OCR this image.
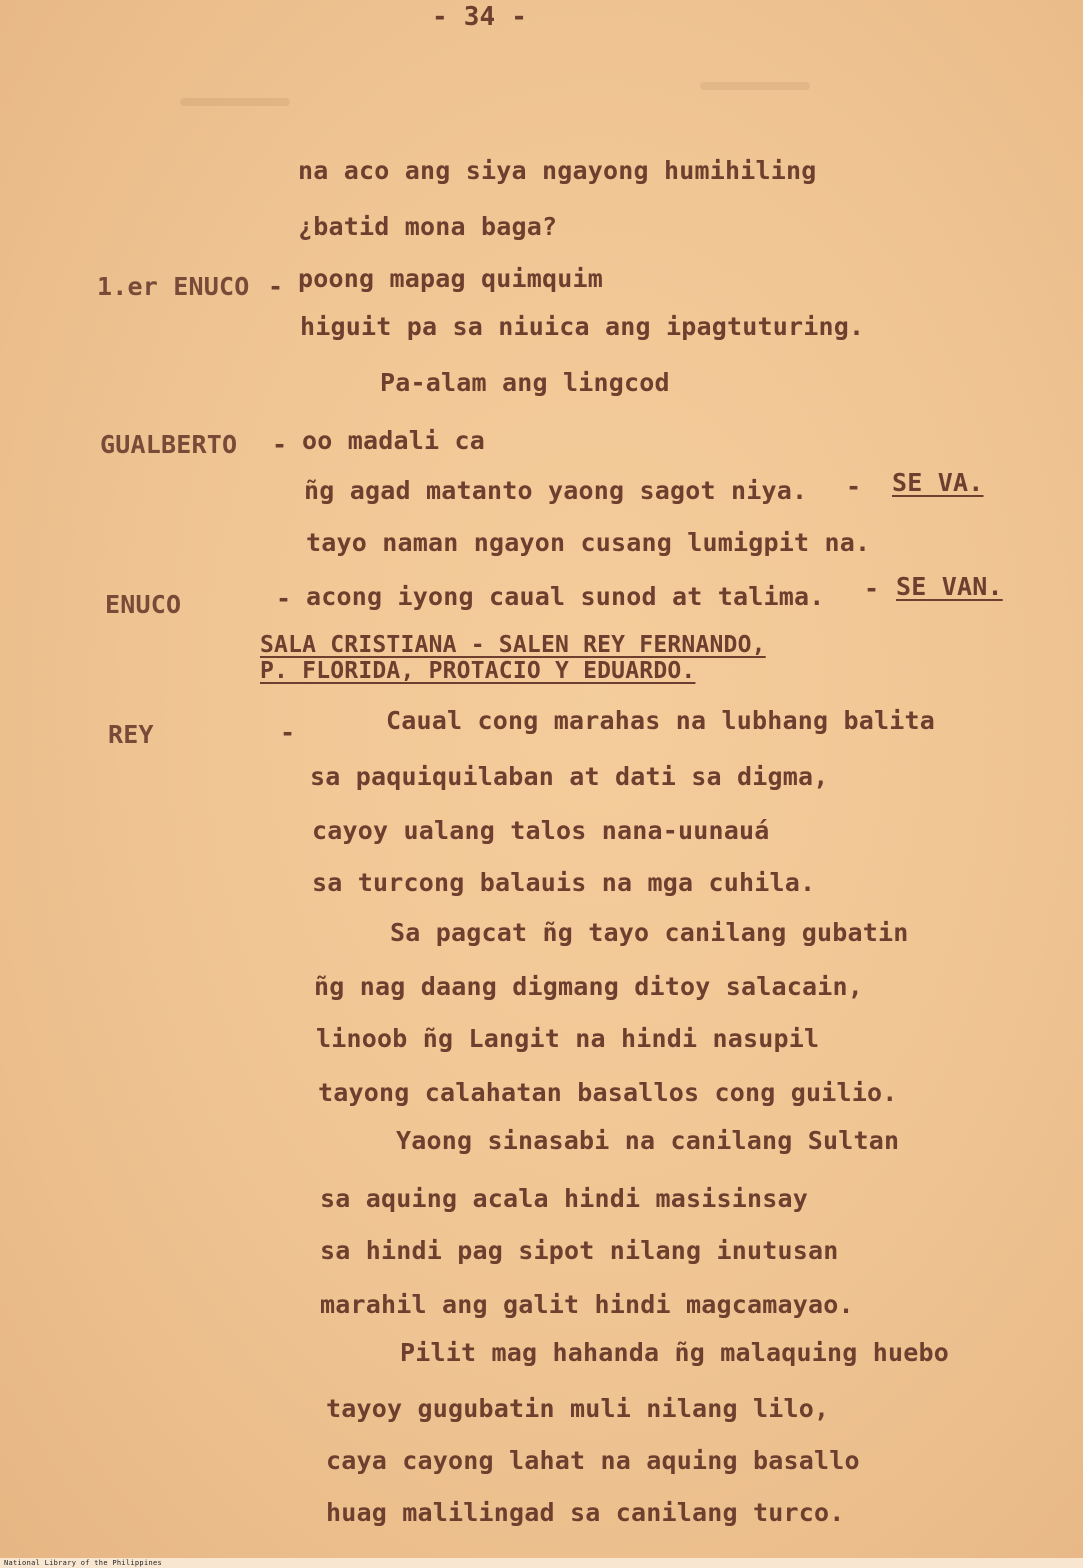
- 34 -
na aco ang siya ngayong humihiling
¿batid mona baga?
1.er ENUCO - poong mapag quimquim
higuit pa sa niuica ang ipagtuturing.
Pa-alam ang lingcod
GUALBERTO - oo madali ca
ñg agad matanto yaong sagot niya. - SE VA.
tayo naman ngayon cusang lumigpit na.
ENUCO	- acong iyong caual sunod at talima. - SE VAN.
SALA CRISTIANA - SALEN REY FERNANDO,
P. FLORIDA, PROTACIO Y EDUARDO.
REY	-	Caual cong marahas na lubhang balita
sa paquiquilaban at dati sa digma,
cayoy ualang talos nana-uunauá
sa turcong balauis na mga cuhila.
Sa pagcat ñg tayo canilang gubatin
ñg nag daang digmang ditoy salacain,
linoob ñg Langit na hindi nasupil
tayong calahatan basallos cong guilio.
Yaong sinasabi na canilang Sultan
sa aquing acala hindi masisinsay
sa hindi pag sipot nilang inutusan
marahil ang galit hindi magcamayao.
Pilit mag hahanda ñg malaquing huebo
tayoy gugubatin muli nilang lilo,
caya cayong lahat na aquing basallo
huag malilingad sa canilang turco.
National Library of the Philippines
